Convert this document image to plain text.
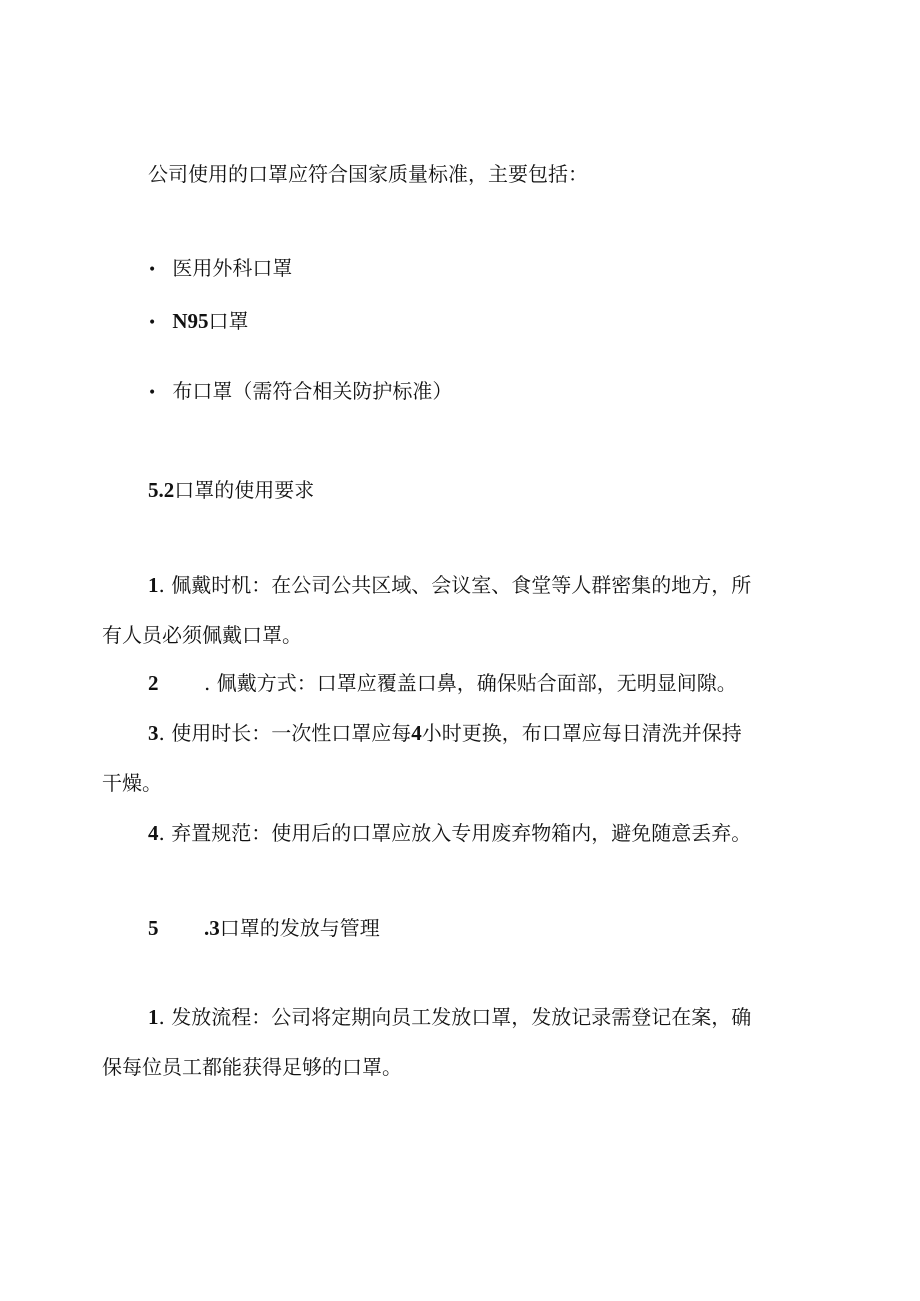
公司使用的口罩应符合国家质量标准，主要包括：
• 医用外科口罩
• N95口罩
• 布口罩（需符合相关防护标准）
5.2口罩的使用要求
1. 佩戴时机：在公司公共区域、会议室、食堂等人群密集的地方，所
有人员必须佩戴口罩。
2 . 佩戴方式：口罩应覆盖口鼻，确保贴合面部，无明显间隙。
3. 使用时长：一次性口罩应每4小时更换，布口罩应每日清洗并保持
干燥。
4. 弃置规范：使用后的口罩应放入专用废弃物箱内，避免随意丢弃。
5 .3口罩的发放与管理
1. 发放流程：公司将定期向员工发放口罩，发放记录需登记在案，确
保每位员工都能获得足够的口罩。
